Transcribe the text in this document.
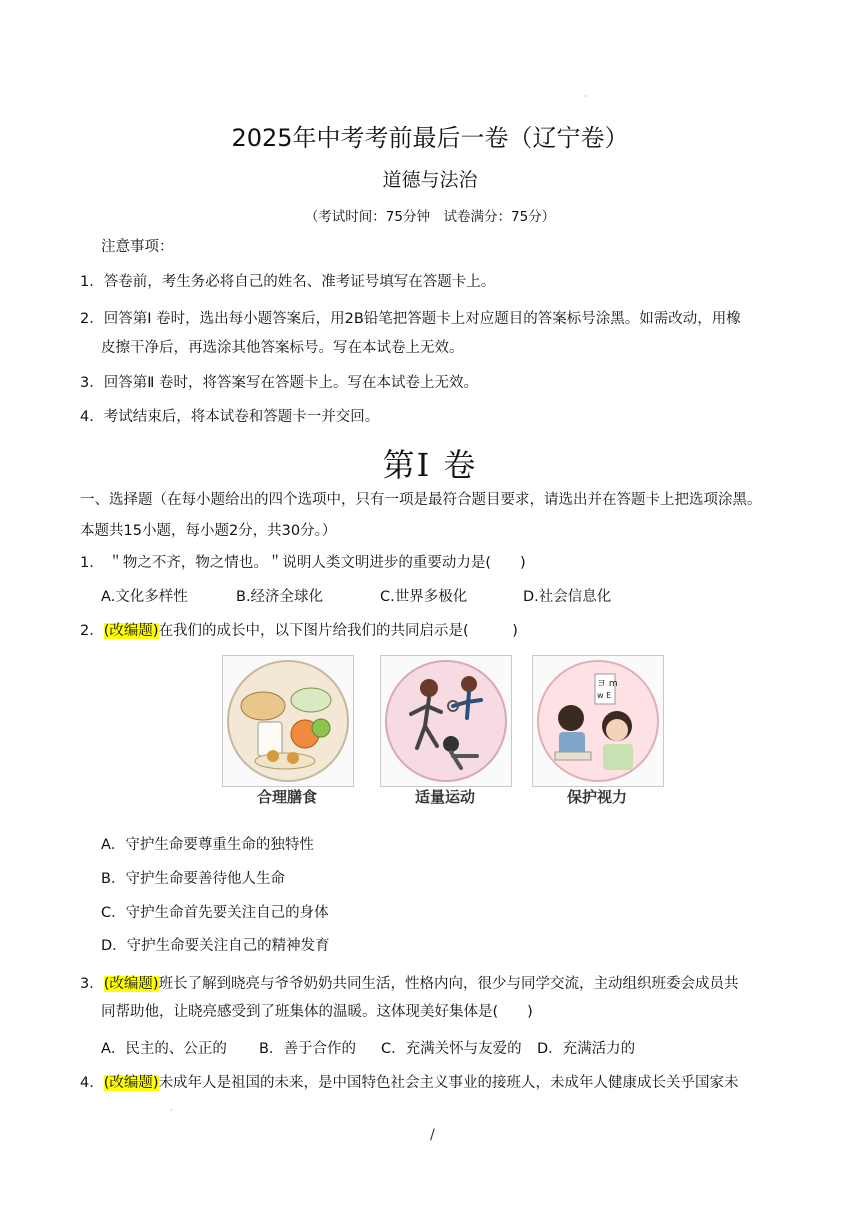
·
2025年中考考前最后一卷（辽宁卷）
道德与法治
（考试时间：75分钟　试卷满分：75分）
注意事项：
1．答卷前，考生务必将自己的姓名、准考证号填写在答题卡上。
2．回答第Ⅰ 卷时，选出每小题答案后，用2B铅笔把答题卡上对应题目的答案标号涂黑。如需改动，用橡
皮擦干净后，再选涂其他答案标号。写在本试卷上无效。
3．回答第Ⅱ 卷时，将答案写在答题卡上。写在本试卷上无效。
4．考试结束后，将本试卷和答题卡一并交回。
第Ⅰ 卷
一、选择题（在每小题给出的四个选项中，只有一项是最符合题目要求，请选出并在答题卡上把选项涂黑。
本题共15小题，每小题2分，共30分。）
1． ＂物之不齐，物之情也。＂说明人类文明进步的重要动力是(　　)
A.文化多样性	B.经济全球化	C.世界多极化	D.社会信息化
2．(改编题)在我们的成长中，以下图片给我们的共同启示是(　　　)
ヨ m
w E
合理膳食	适量运动	保护视力
A．守护生命要尊重生命的独特性
B．守护生命要善待他人生命
C．守护生命首先要关注自己的身体
D．守护生命要关注自己的精神发育
3．(改编题)班长了解到晓亮与爷爷奶奶共同生活，性格内向，很少与同学交流，主动组织班委会成员共
同帮助他，让晓亮感受到了班集体的温暖。这体现美好集体是(　　)
A．民主的、公正的 B．善于合作的 C．充满关怀与友爱的 D．充满活力的
4．(改编题)未成年人是祖国的未来，是中国特色社会主义事业的接班人，未成年人健康成长关乎国家未
·
/
